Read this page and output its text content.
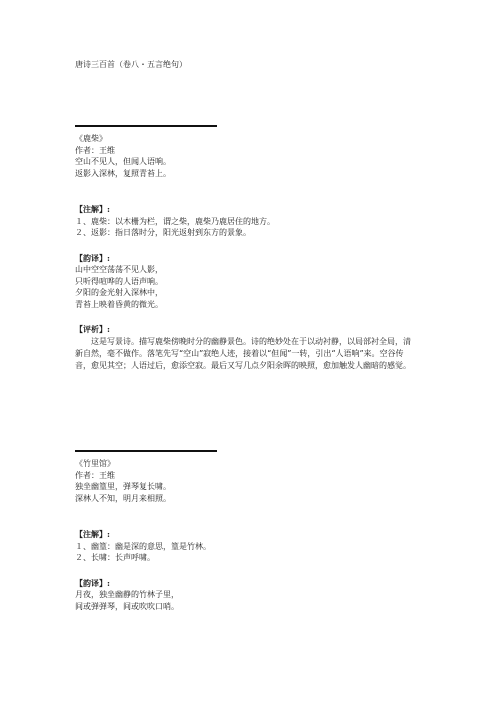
唐诗三百首（卷八・五言绝句）
《鹿柴》
作者：王维
空山不见人，但闻人语响。
返影入深林，复照青苔上。
【注解】:
１、鹿柴：以木栅为栏，谓之柴，鹿柴乃鹿居住的地方。
２、返影：指日落时分，阳光返射到东方的景象。
【韵译】:
山中空空荡荡不见人影，
只听得喧哗的人语声响。
夕阳的金光射入深林中，
青苔上映着昏黄的微光。
【评析】:
这是写景诗。描写鹿柴傍晚时分的幽静景色。诗的绝妙处在于以动衬静，以局部衬全局，清新自然，毫不做作。落笔先写“空山”寂绝人迹，接着以“但闻”一转，引出“人语响”来。空谷传音，愈见其空；人语过后，愈添空寂。最后又写几点夕阳余晖的映照，愈加触发人幽暗的感觉。
《竹里馆》
作者：王维
独坐幽篁里，弹琴复长啸。
深林人不知，明月来相照。
【注解】:
１、幽篁：幽是深的意思，篁是竹林。
２、长啸：长声呼啸。
【韵译】:
月夜，独坐幽静的竹林子里，
间或弹弹琴，间或吹吹口哨。
